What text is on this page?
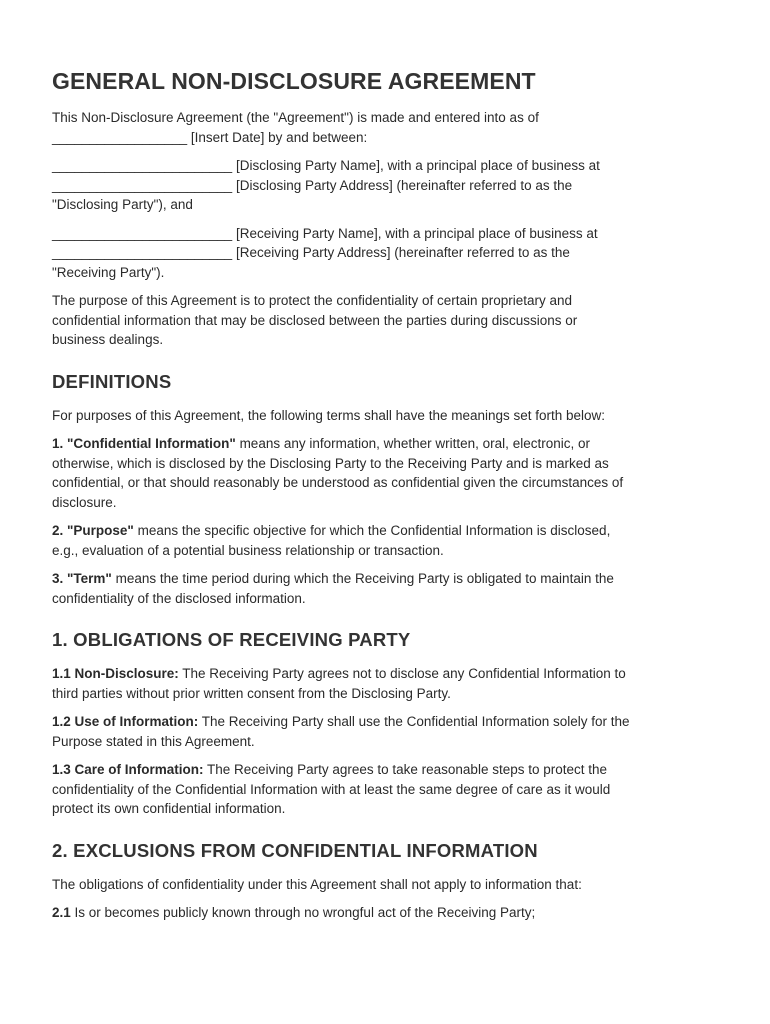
GENERAL NON-DISCLOSURE AGREEMENT

This Non-Disclosure Agreement (the "Agreement") is made and entered into as of
__________________ [Insert Date] by and between:

________________________ [Disclosing Party Name], with a principal place of business at
________________________ [Disclosing Party Address] (hereinafter referred to as the
"Disclosing Party"), and

________________________ [Receiving Party Name], with a principal place of business at
________________________ [Receiving Party Address] (hereinafter referred to as the
"Receiving Party").

The purpose of this Agreement is to protect the confidentiality of certain proprietary and
confidential information that may be disclosed between the parties during discussions or
business dealings.

DEFINITIONS

For purposes of this Agreement, the following terms shall have the meanings set forth below:

1. "Confidential Information" means any information, whether written, oral, electronic, or
otherwise, which is disclosed by the Disclosing Party to the Receiving Party and is marked as
confidential, or that should reasonably be understood as confidential given the circumstances of
disclosure.

2. "Purpose" means the specific objective for which the Confidential Information is disclosed,
e.g., evaluation of a potential business relationship or transaction.

3. "Term" means the time period during which the Receiving Party is obligated to maintain the
confidentiality of the disclosed information.

1. OBLIGATIONS OF RECEIVING PARTY

1.1 Non-Disclosure: The Receiving Party agrees not to disclose any Confidential Information to
third parties without prior written consent from the Disclosing Party.

1.2 Use of Information: The Receiving Party shall use the Confidential Information solely for the
Purpose stated in this Agreement.

1.3 Care of Information: The Receiving Party agrees to take reasonable steps to protect the
confidentiality of the Confidential Information with at least the same degree of care as it would
protect its own confidential information.

2. EXCLUSIONS FROM CONFIDENTIAL INFORMATION

The obligations of confidentiality under this Agreement shall not apply to information that:

2.1 Is or becomes publicly known through no wrongful act of the Receiving Party;
